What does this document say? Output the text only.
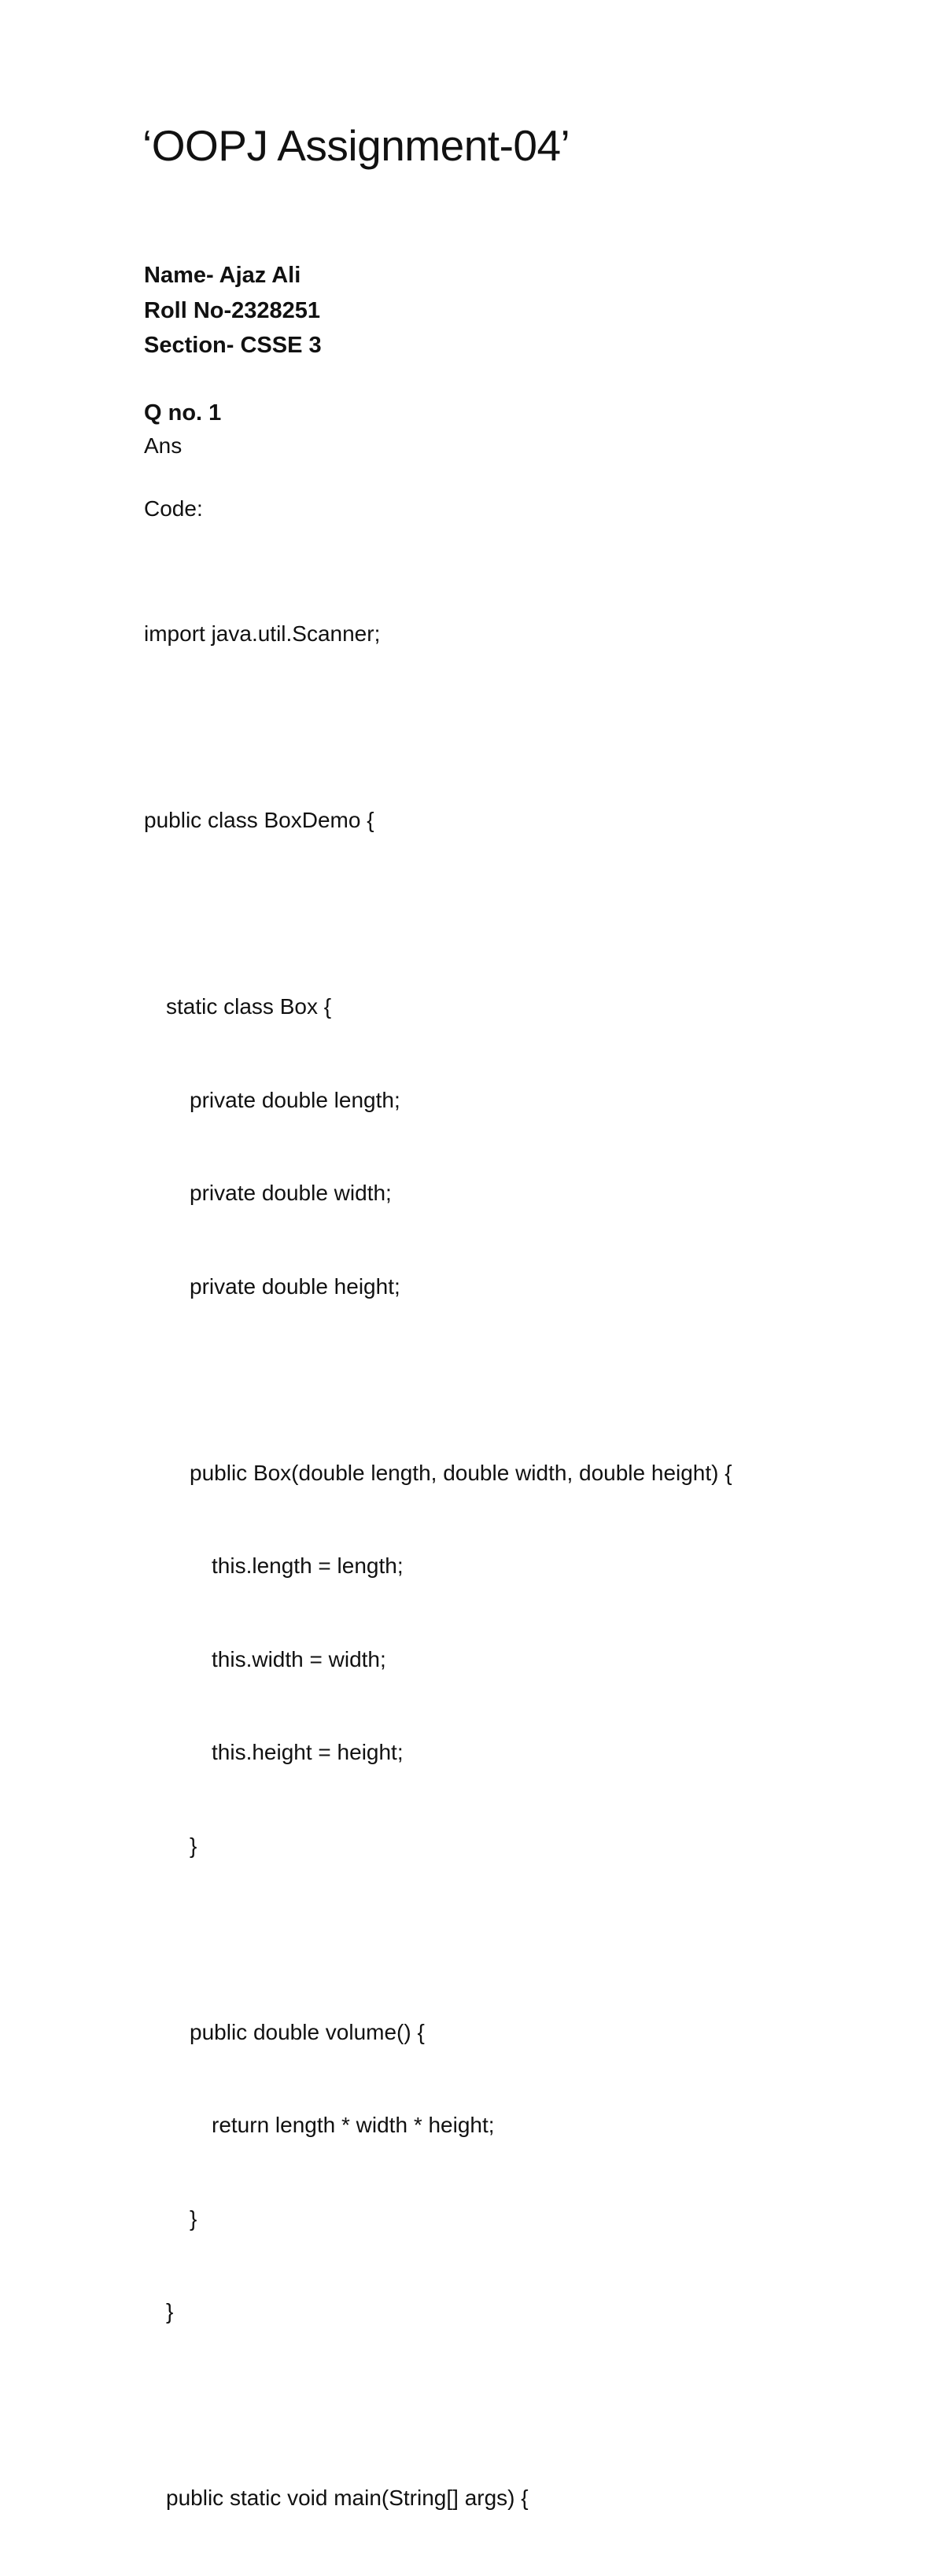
‘OOPJ Assignment-04’
Name- Ajaz Ali
Roll No-2328251
Section- CSSE 3
Q no. 1
Ans
Code:

import java.util.Scanner;

public class BoxDemo {

static class Box {

private double length;

private double width;

private double height;

public Box(double length, double width, double height) {

this.length = length;

this.width = width;

this.height = height;

}

public double volume() {

return length * width * height;

}

}

public static void main(String[] args) {
